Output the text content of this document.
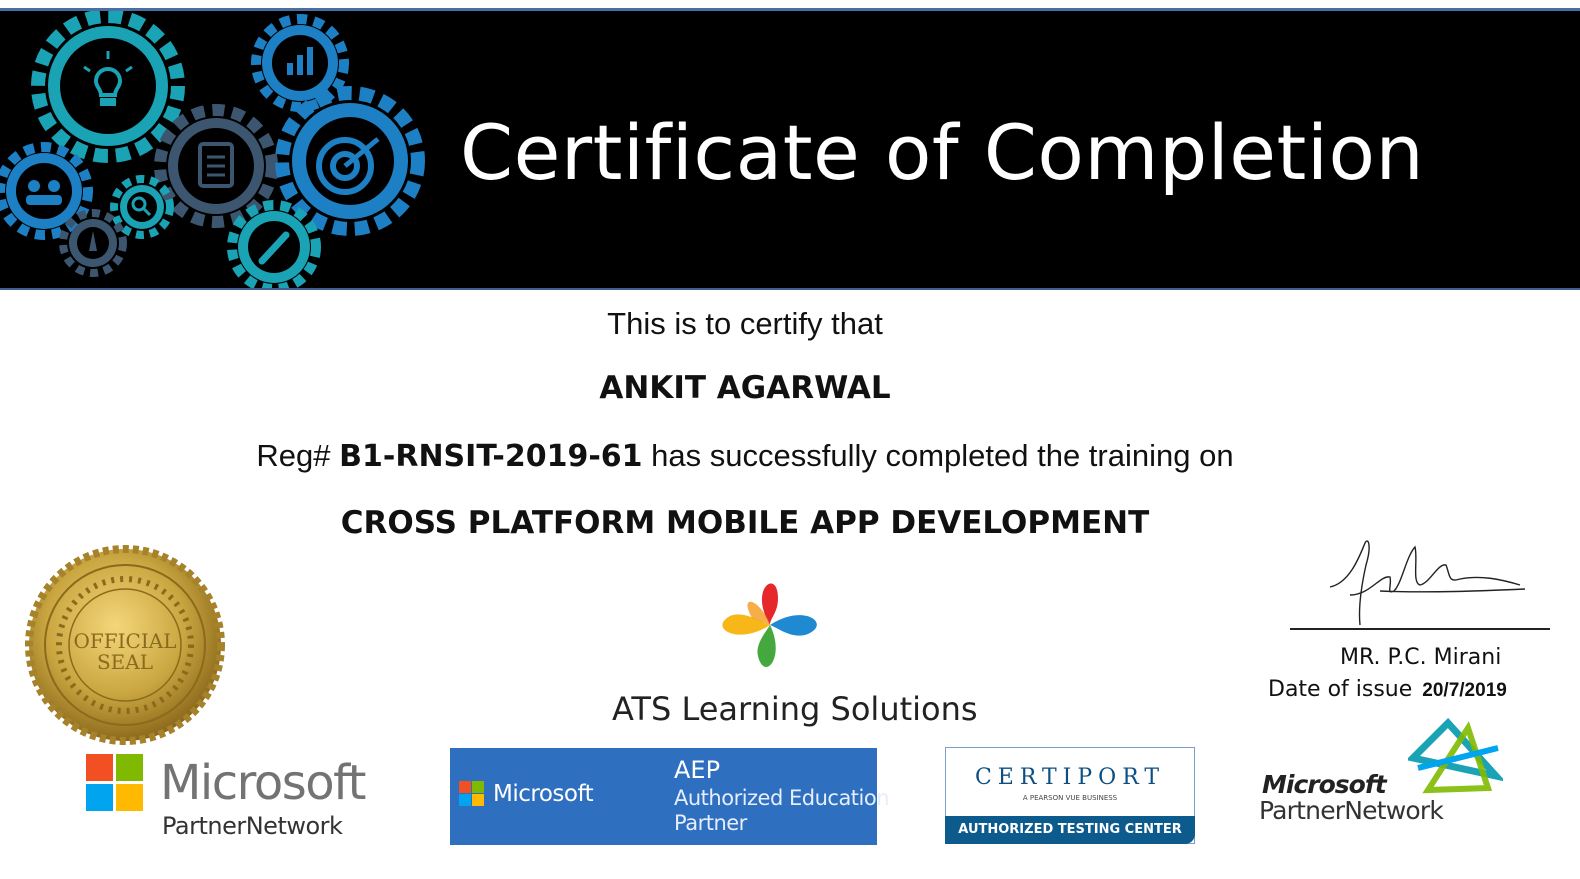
Certificate of Completion
This is to certify that
ANKIT AGARWAL
Reg# B1-RNSIT-2019-61 has successfully completed the training on
CROSS PLATFORM MOBILE APP DEVELOPMENT
OFFICIAL
SEAL
ATS Learning Solutions
MR. P.C. Mirani
Date of issue 20/7/2019
Microsoft
PartnerNetwork
Microsoft
AEP
Authorized Education
Partner
CERTIPORT
A PEARSON VUE BUSINESS
AUTHORIZED TESTING CENTER
Microsoft
PartnerNetwork
